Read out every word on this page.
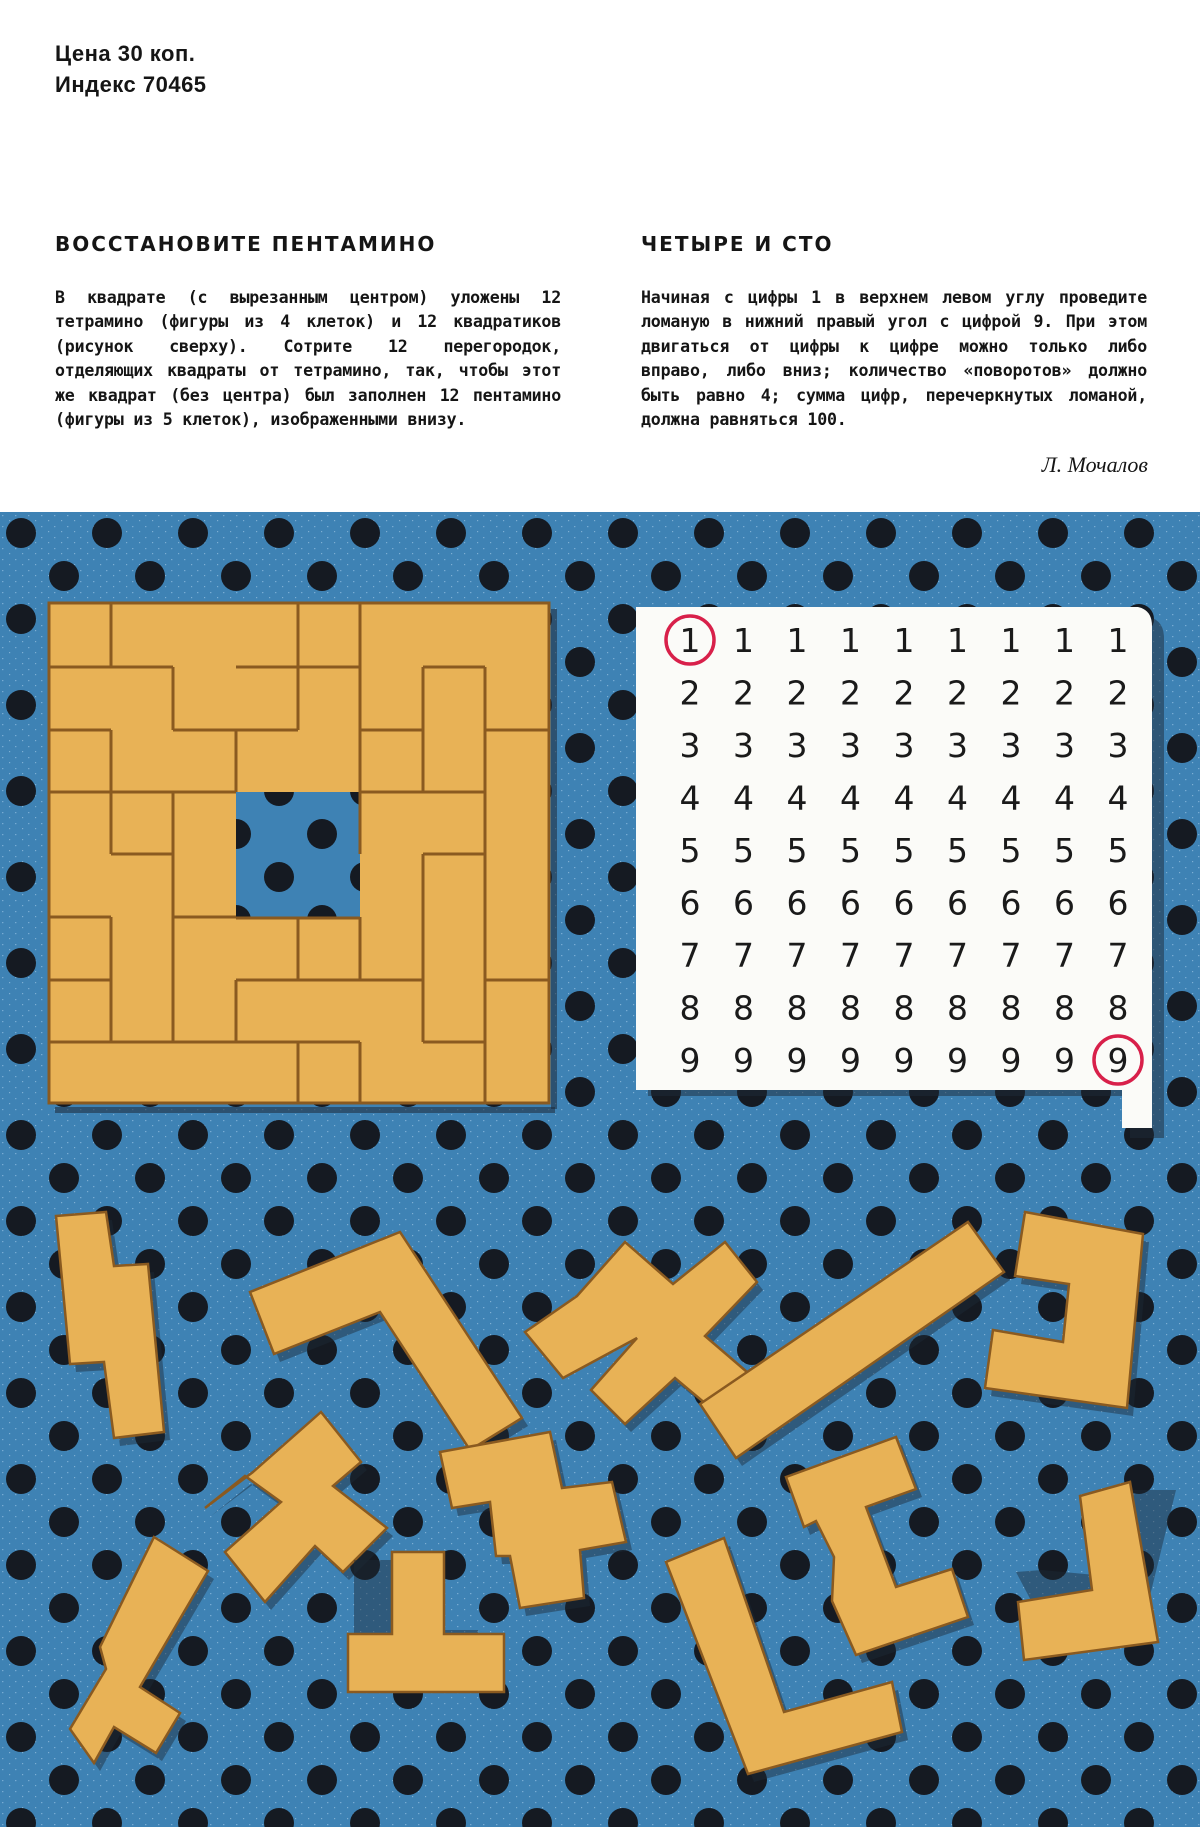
Цена 30 коп.
Индекс 70465
ВОССТАНОВИТЕ ПЕНТАМИНО

В квадрате (с вырезанным центром) уложены 12 тетрамино (фигуры из 4 клеток) и 12 квадратиков (рисунок сверху). Сотрите 12 перегородок, отделяющих квадраты от тетрамино, так, чтобы этот же квадрат (без центра) был заполнен 12 пентамино (фигуры из 5 клеток), изображенными внизу.

ЧЕТЫРЕ И СТО

Начиная с цифры 1 в верхнем левом углу проведите ломаную в нижний правый угол с цифрой 9. При этом двигаться от цифры к цифре можно только либо вправо, либо вниз; количество «поворотов» должно быть равно 4; сумма цифр, перечеркнутых ломаной, должна равняться 100.

Л. Мочалов
1 1 1 1 1 1 1 1 1
2 2 2 2 2 2 2 2 2
3 3 3 3 3 3 3 3 3
4 4 4 4 4 4 4 4 4
5 5 5 5 5 5 5 5 5
6 6 6 6 6 6 6 6 6
7 7 7 7 7 7 7 7 7
8 8 8 8 8 8 8 8 8
9 9 9 9 9 9 9 9 9
